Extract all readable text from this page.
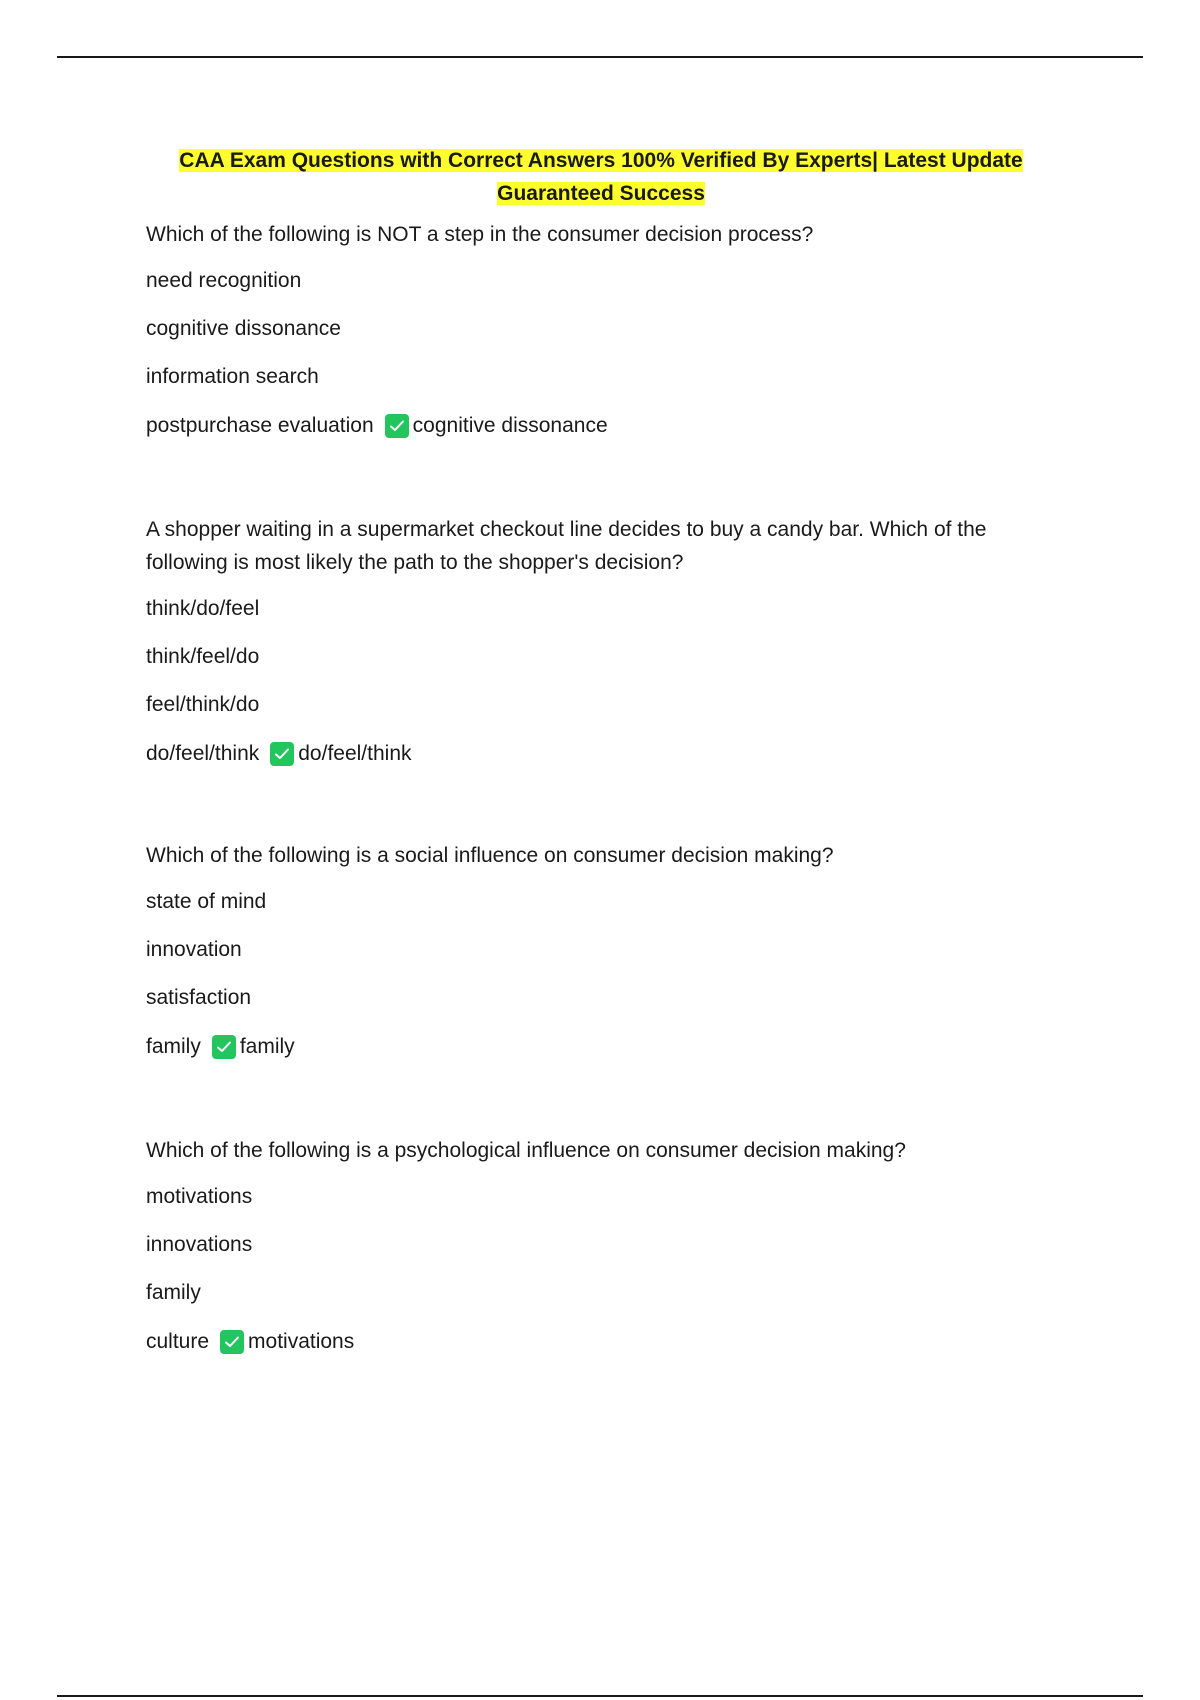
CAA Exam Questions with Correct Answers 100% Verified By Experts| Latest Update
Guaranteed Success
Which of the following is NOT a step in the consumer decision process?
need recognition
cognitive dissonance
information search
postpurchase evaluation cognitive dissonance
A shopper waiting in a supermarket checkout line decides to buy a candy bar. Which of the following is most likely the path to the shopper's decision?
think/do/feel
think/feel/do
feel/think/do
do/feel/think do/feel/think
Which of the following is a social influence on consumer decision making?
state of mind
innovation
satisfaction
family family
Which of the following is a psychological influence on consumer decision making?
motivations
innovations
family
culture motivations
